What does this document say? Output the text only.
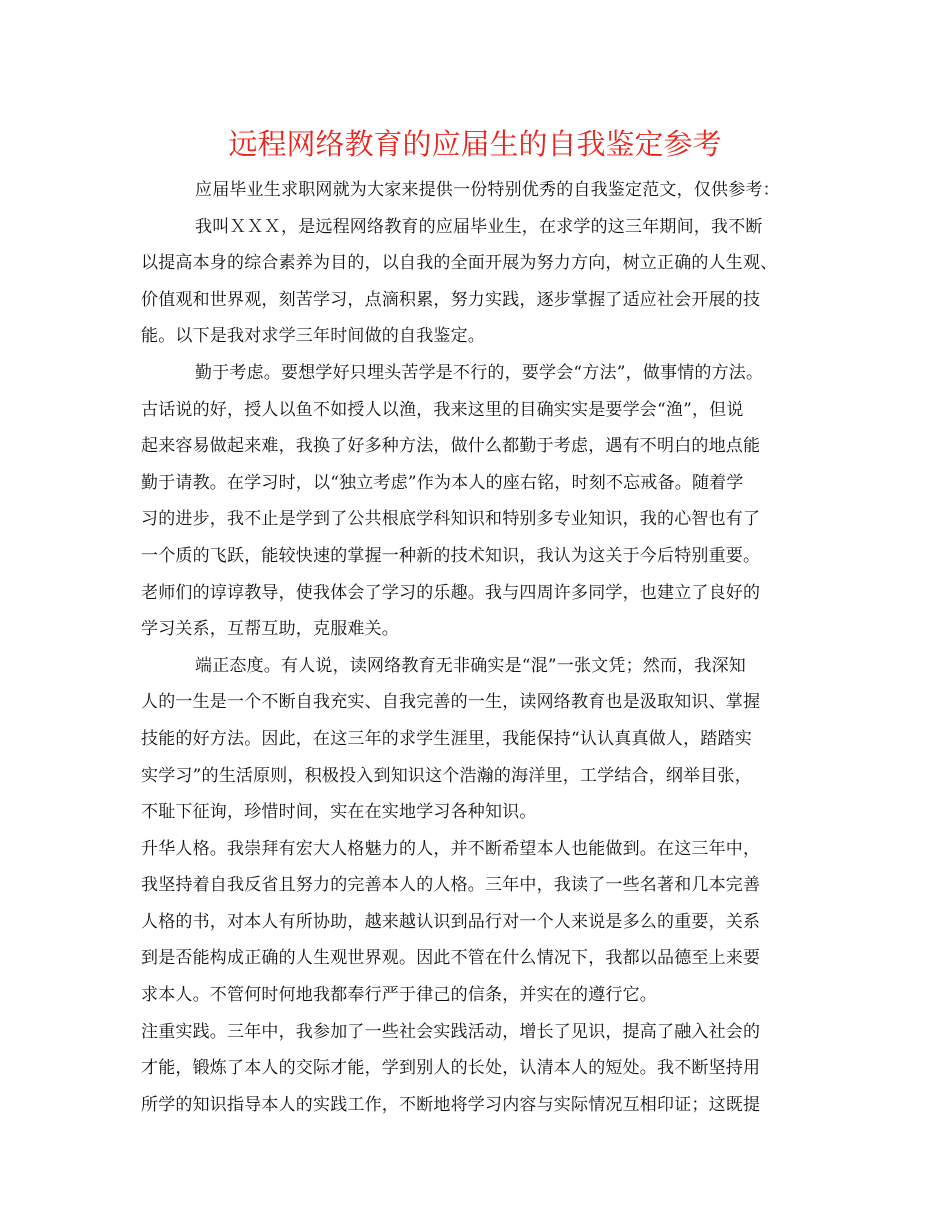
远程网络教育的应届生的自我鉴定参考
应届毕业生求职网就为大家来提供一份特别优秀的自我鉴定范文，仅供参考：
我叫ＸＸＸ，是远程网络教育的应届毕业生，在求学的这三年期间，我不断
以提高本身的综合素养为目的，以自我的全面开展为努力方向，树立正确的人生观、
价值观和世界观，刻苦学习，点滴积累，努力实践，逐步掌握了适应社会开展的技
能。以下是我对求学三年时间做的自我鉴定。
勤于考虑。要想学好只埋头苦学是不行的，要学会“方法”，做事情的方法。
古话说的好，授人以鱼不如授人以渔，我来这里的目确实实是要学会“渔”，但说
起来容易做起来难，我换了好多种方法，做什么都勤于考虑，遇有不明白的地点能
勤于请教。在学习时，以“独立考虑”作为本人的座右铭，时刻不忘戒备。随着学
习的进步，我不止是学到了公共根底学科知识和特别多专业知识，我的心智也有了
一个质的飞跃，能较快速的掌握一种新的技术知识，我认为这关于今后特别重要。
老师们的谆谆教导，使我体会了学习的乐趣。我与四周许多同学，也建立了良好的
学习关系，互帮互助，克服难关。
端正态度。有人说，读网络教育无非确实是“混”一张文凭；然而，我深知
人的一生是一个不断自我充实、自我完善的一生，读网络教育也是汲取知识、掌握
技能的好方法。因此，在这三年的求学生涯里，我能保持“认认真真做人，踏踏实
实学习”的生活原则，积极投入到知识这个浩瀚的海洋里，工学结合，纲举目张，
不耻下征询，珍惜时间，实在在实地学习各种知识。
升华人格。我崇拜有宏大人格魅力的人，并不断希望本人也能做到。在这三年中，
我坚持着自我反省且努力的完善本人的人格。三年中，我读了一些名著和几本完善
人格的书，对本人有所协助，越来越认识到品行对一个人来说是多么的重要，关系
到是否能构成正确的人生观世界观。因此不管在什么情况下，我都以品德至上来要
求本人。不管何时何地我都奉行严于律己的信条，并实在的遵行它。
注重实践。三年中，我参加了一些社会实践活动，增长了见识，提高了融入社会的
才能，锻炼了本人的交际才能，学到别人的长处，认清本人的短处。我不断坚持用
所学的知识指导本人的实践工作，不断地将学习内容与实际情况互相印证；这既提
